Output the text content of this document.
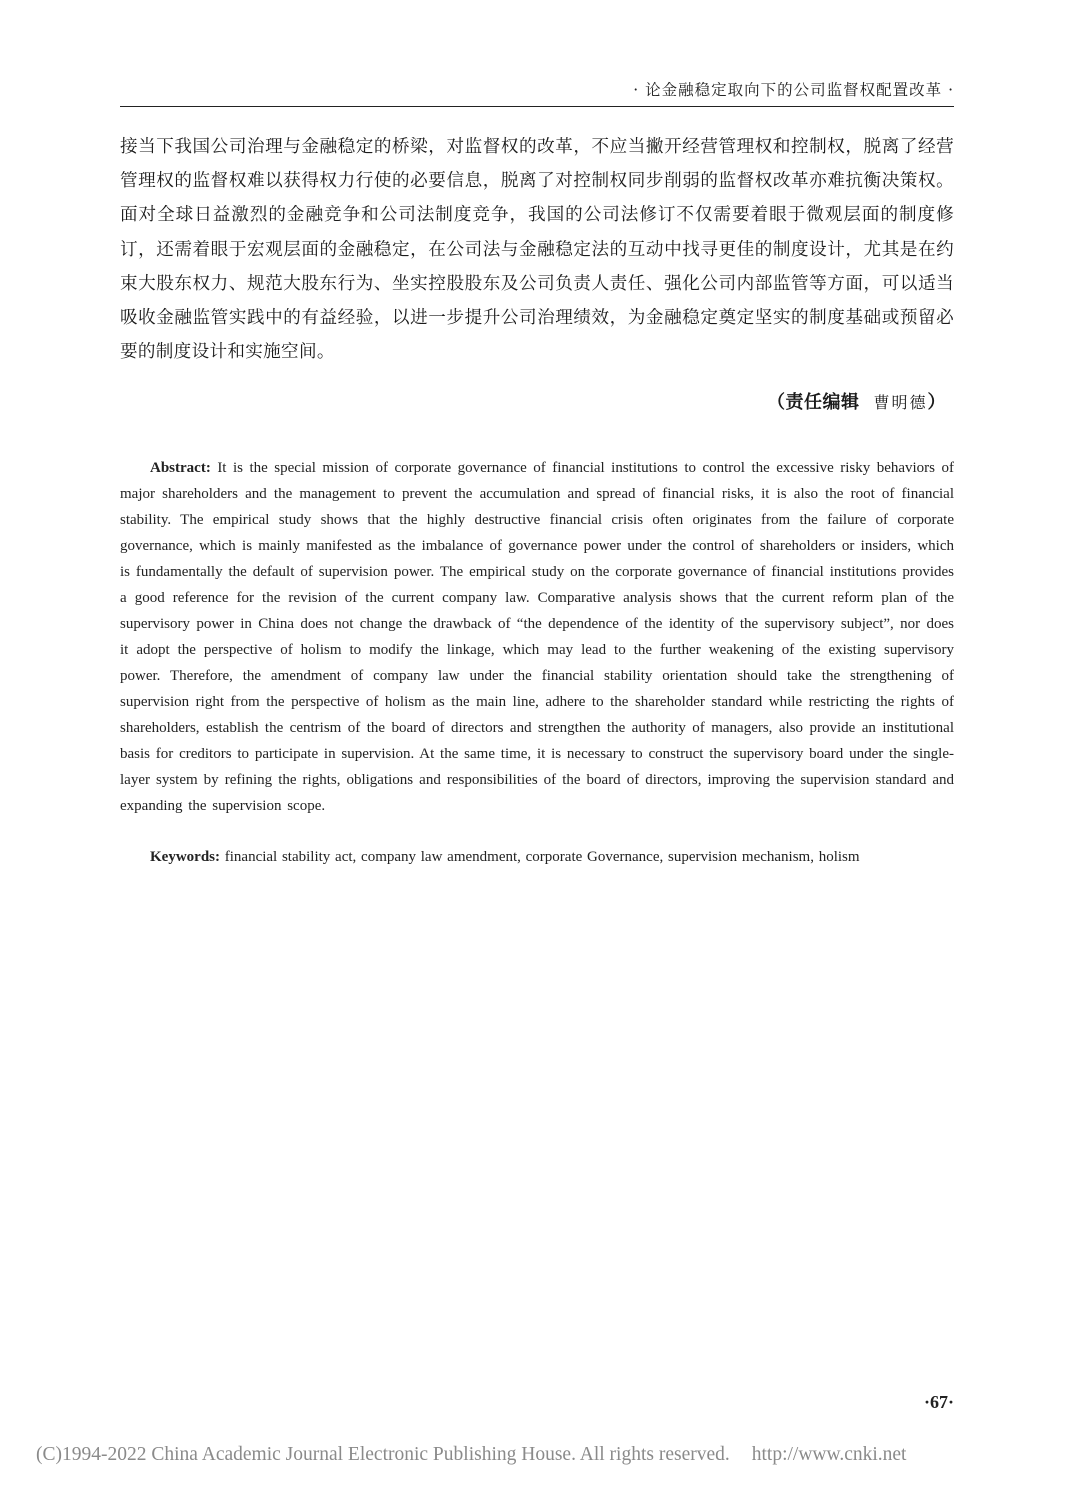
· 论金融稳定取向下的公司监督权配置改革 ·
接当下我国公司治理与金融稳定的桥梁，对监督权的改革，不应当撇开经营管理权和控制权，脱离了经营管理权的监督权难以获得权力行使的必要信息，脱离了对控制权同步削弱的监督权改革亦难抗衡决策权。面对全球日益激烈的金融竞争和公司法制度竞争，我国的公司法修订不仅需要着眼于微观层面的制度修订，还需着眼于宏观层面的金融稳定，在公司法与金融稳定法的互动中找寻更佳的制度设计，尤其是在约束大股东权力、规范大股东行为、坐实控股股东及公司负责人责任、强化公司内部监管等方面，可以适当吸收金融监管实践中的有益经验，以进一步提升公司治理绩效，为金融稳定奠定坚实的制度基础或预留必要的制度设计和实施空间。
（责任编辑 曹明德）
Abstract: It is the special mission of corporate governance of financial institutions to control the excessive risky behaviors of major shareholders and the management to prevent the accumulation and spread of financial risks, it is also the root of financial stability. The empirical study shows that the highly destructive financial crisis often originates from the failure of corporate governance, which is mainly manifested as the imbalance of governance power under the control of shareholders or insiders, which is fundamentally the default of supervision power. The empirical study on the corporate governance of financial institutions provides a good reference for the revision of the current company law. Comparative analysis shows that the current reform plan of the supervisory power in China does not change the drawback of “the dependence of the identity of the supervisory subject”, nor does it adopt the perspective of holism to modify the linkage, which may lead to the further weakening of the existing supervisory power. Therefore, the amendment of company law under the financial stability orientation should take the strengthening of supervision right from the perspective of holism as the main line, adhere to the shareholder standard while restricting the rights of shareholders, establish the centrism of the board of directors and strengthen the authority of managers, also provide an institutional basis for creditors to participate in supervision. At the same time, it is necessary to construct the supervisory board under the single-layer system by refining the rights, obligations and responsibilities of the board of directors, improving the supervision standard and expanding the supervision scope.
Keywords: financial stability act, company law amendment, corporate Governance, supervision mechanism, holism
·67·
(C)1994-2022 China Academic Journal Electronic Publishing House. All rights reserved. http://www.cnki.net
